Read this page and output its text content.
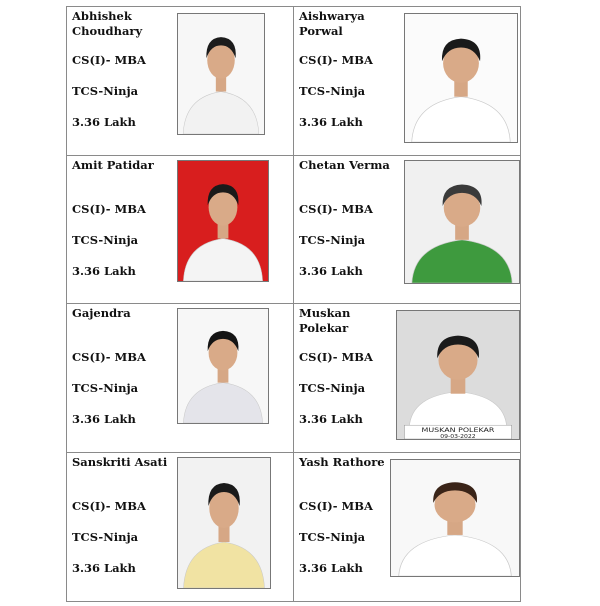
Abhishek Choudhary
CS(I)- MBA
TCS-Ninja
3.36 Lakh
Aishwarya Porwal
CS(I)- MBA
TCS-Ninja
3.36 Lakh
Amit Patidar
CS(I)- MBA
TCS-Ninja
3.36 Lakh
Chetan Verma
CS(I)- MBA
TCS-Ninja
3.36 Lakh
Gajendra
CS(I)- MBA
TCS-Ninja
3.36 Lakh
Muskan Polekar
CS(I)- MBA
TCS-Ninja
3.36 Lakh
MUSKAN POLEKAR
09-03-2022
Sanskriti Asati
CS(I)- MBA
TCS-Ninja
3.36 Lakh
Yash Rathore
CS(I)- MBA
TCS-Ninja
3.36 Lakh
